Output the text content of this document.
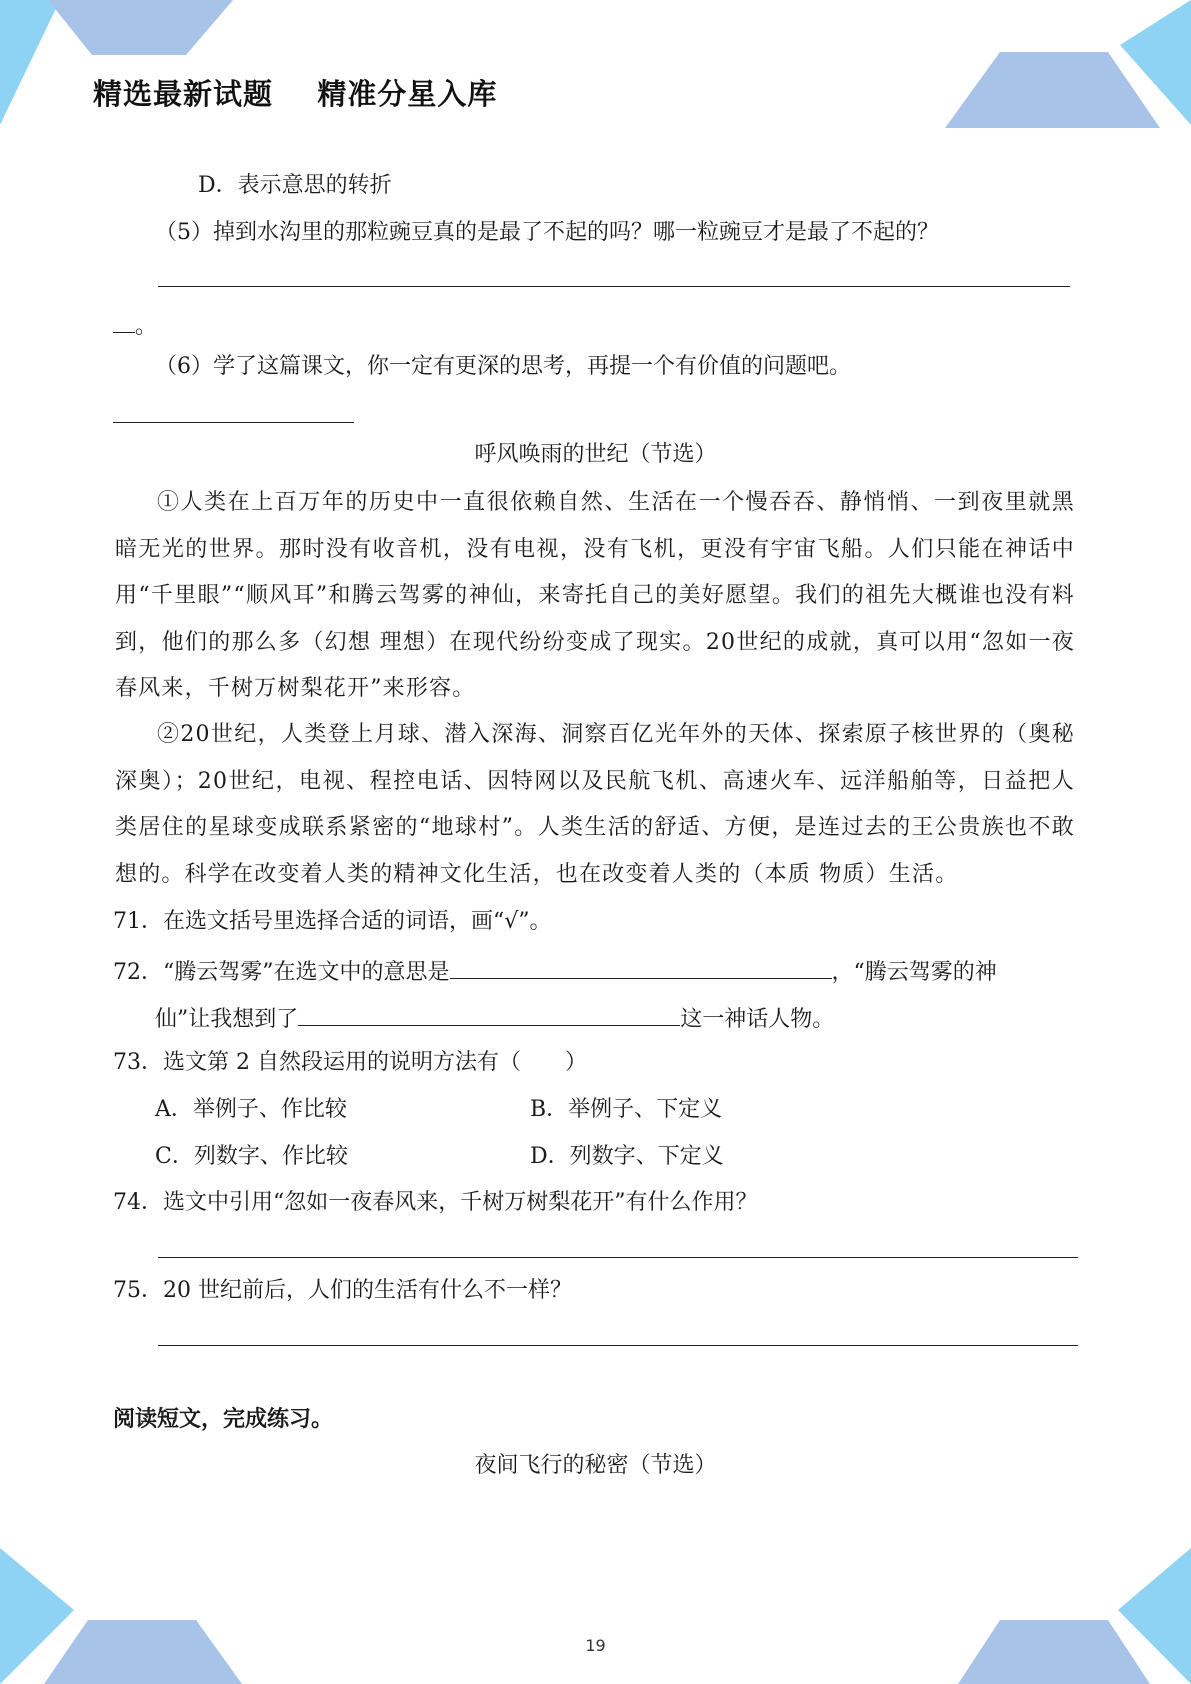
精选最新试题    精准分星入库
D．表示意思的转折
（5）掉到水沟里的那粒豌豆真的是最了不起的吗？哪一粒豌豆才是最了不起的？
。
（6）学了这篇课文，你一定有更深的思考，再提一个有价值的问题吧。
呼风唤雨的世纪（节选）
①人类在上百万年的历史中一直很依赖自然、生活在一个慢吞吞、静悄悄、一到夜里就黑暗无光的世界。那时没有收音机，没有电视，没有飞机，更没有宇宙飞船。人们只能在神话中用“千里眼”“顺风耳”和腾云驾雾的神仙，来寄托自己的美好愿望。我们的祖先大概谁也没有料到，他们的那么多（幻想 理想）在现代纷纷变成了现实。20世纪的成就，真可以用“忽如一夜春风来，千树万树梨花开”来形容。
②20世纪，人类登上月球、潜入深海、洞察百亿光年外的天体、探索原子核世界的（奥秘 深奥）；20世纪，电视、程控电话、因特网以及民航飞机、高速火车、远洋船舶等，日益把人类居住的星球变成联系紧密的“地球村”。人类生活的舒适、方便，是连过去的王公贵族也不敢想的。科学在改变着人类的精神文化生活，也在改变着人类的（本质 物质）生活。
71．在选文括号里选择合适的词语，画“√”。
72．“腾云驾雾”在选文中的意思是	，“腾云驾雾的神
仙”让我想到了	这一神话人物。
73．选文第 2 自然段运用的说明方法有（　　）
A．举例子、作比较	B．举例子、下定义
C．列数字、作比较	D．列数字、下定义
74．选文中引用“忽如一夜春风来，千树万树梨花开”有什么作用？
75．20 世纪前后，人们的生活有什么不一样？
阅读短文，完成练习。
夜间飞行的秘密（节选）
19
